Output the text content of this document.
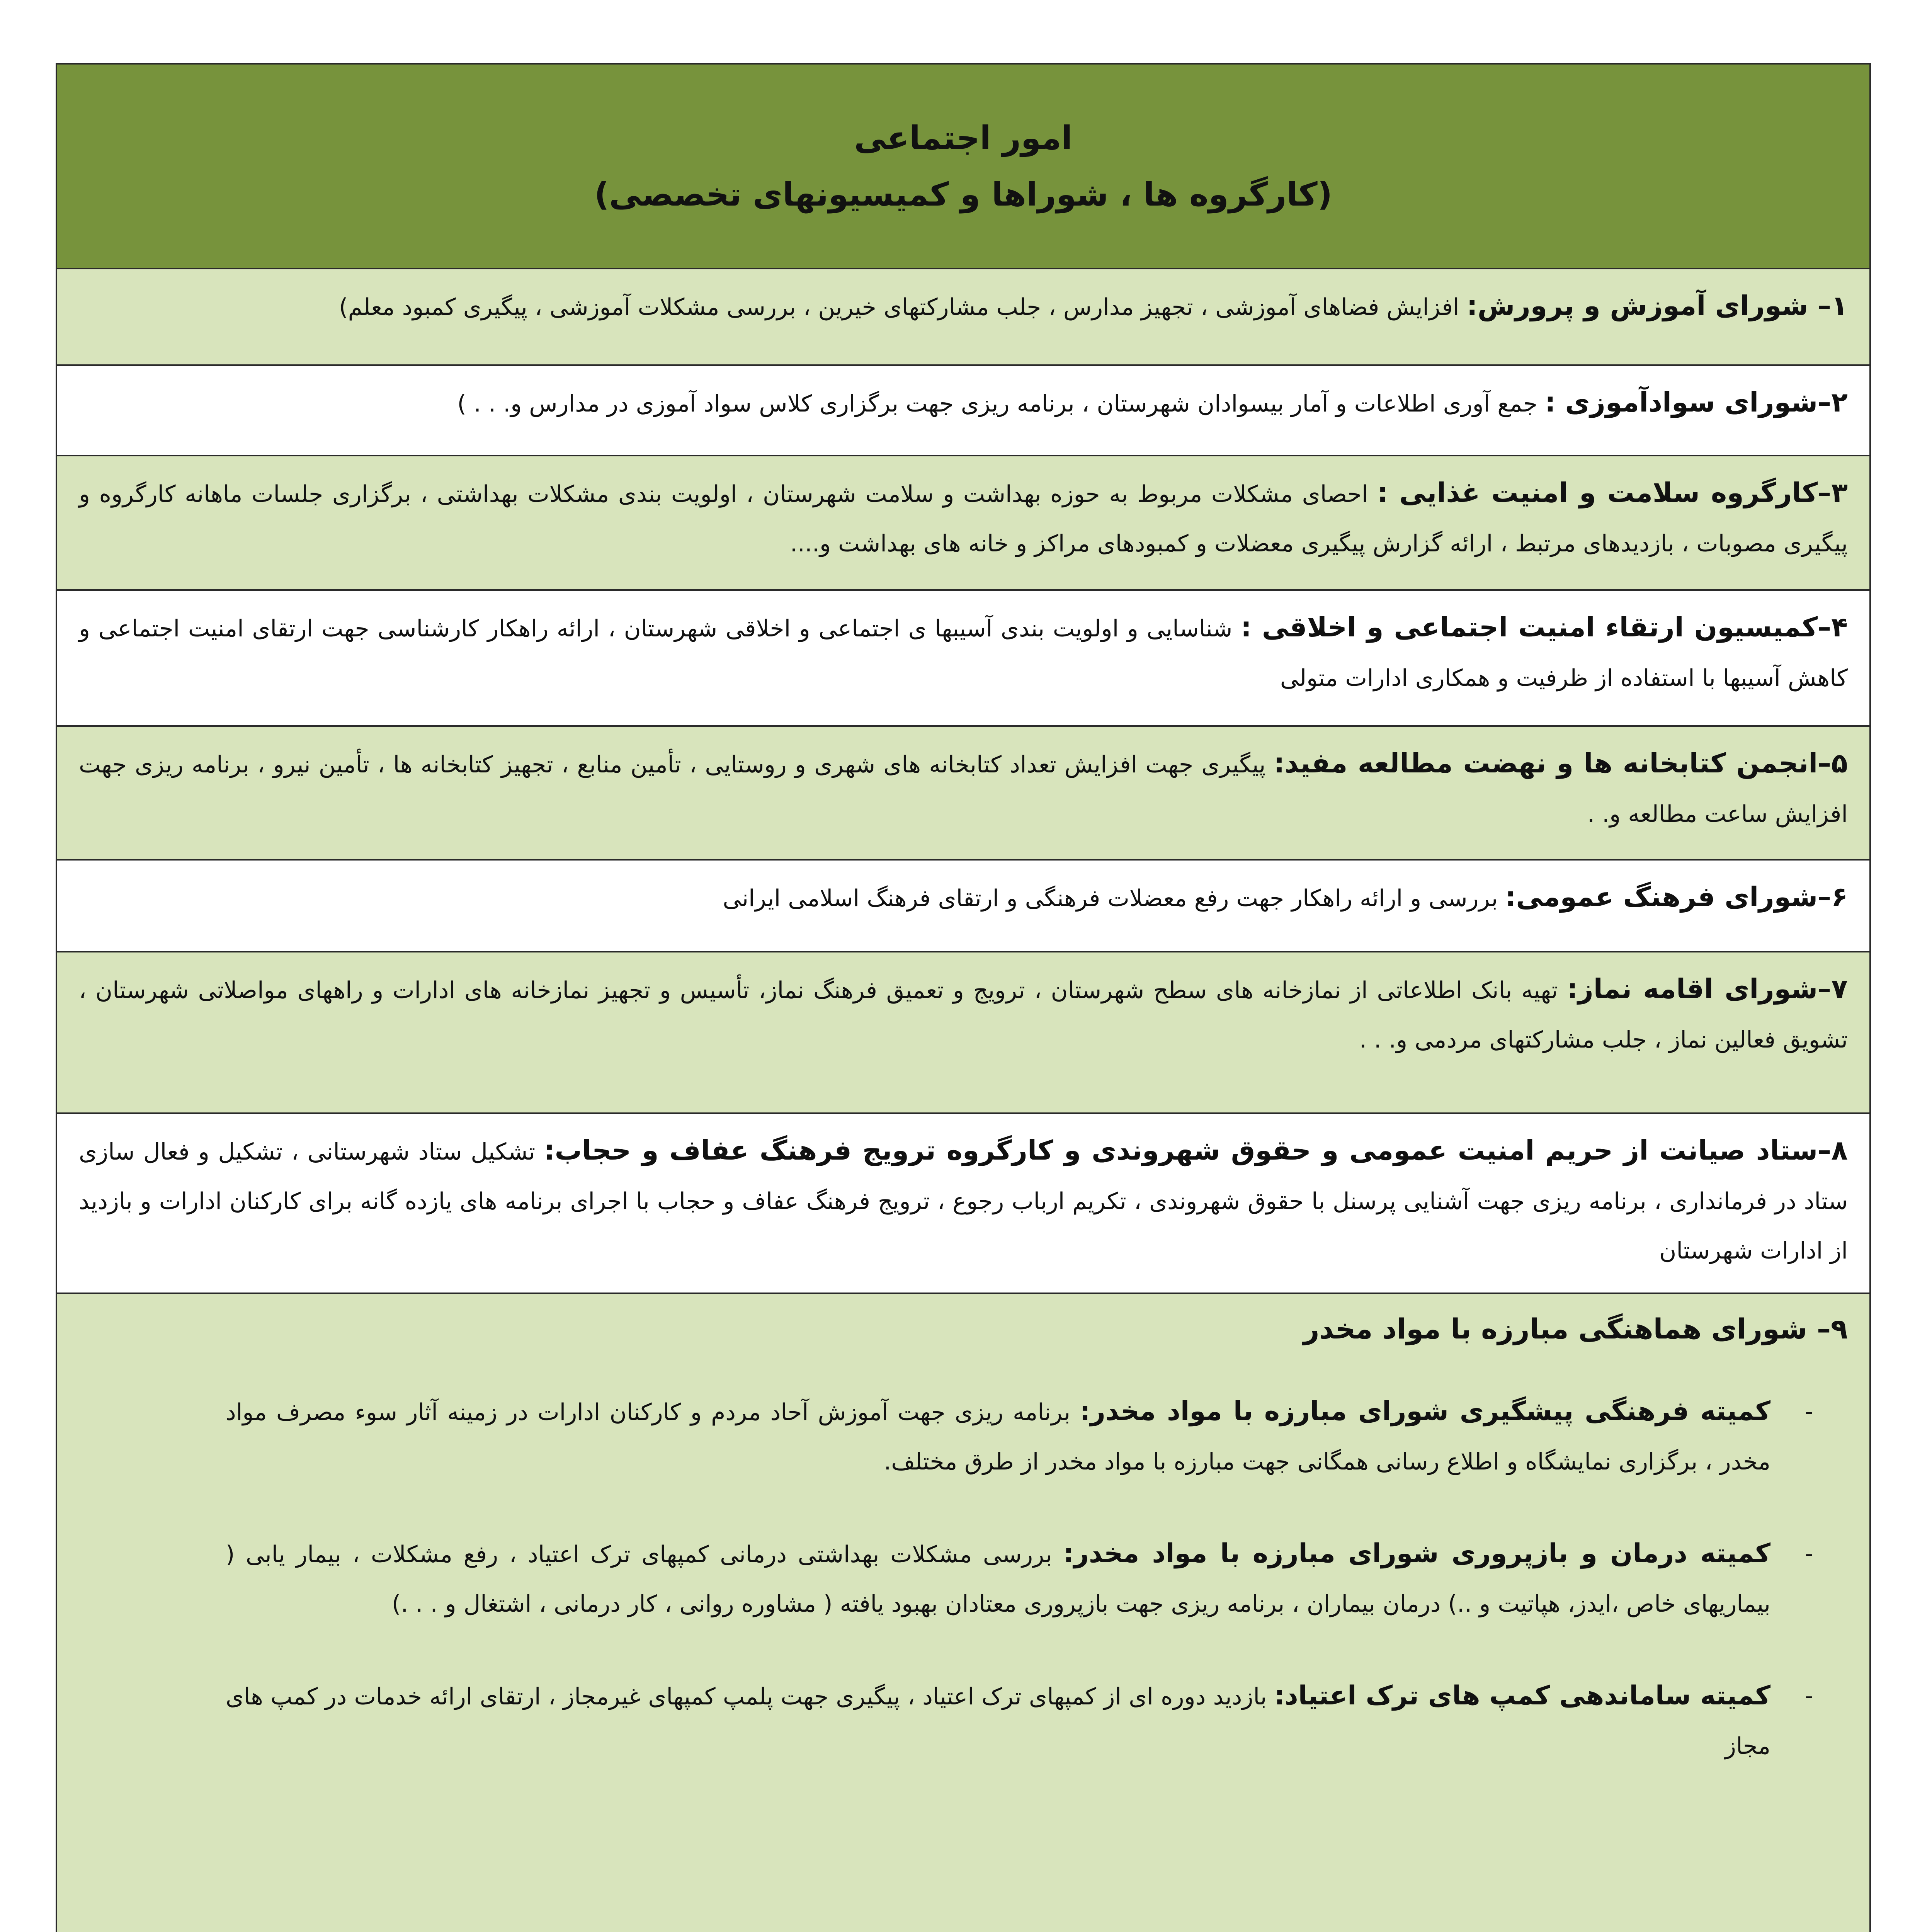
امور اجتماعی
(کارگروه ها ، شوراها و کمیسیونهای تخصصی)

۱– شورای آموزش و پرورش: افزایش فضاهای آموزشی ، تجهیز مدارس ، جلب مشارکتهای خیرین ، بررسی مشکلات آموزشی ، پیگیری کمبود معلم)

۲–شورای سوادآموزی : جمع آوری اطلاعات و آمار بیسوادان شهرستان ، برنامه ریزی جهت برگزاری کلاس سواد آموزی در مدارس و. . . )

۳–کارگروه سلامت و امنیت غذایی : احصای مشکلات مربوط به حوزه بهداشت و سلامت شهرستان ، اولویت بندی مشکلات بهداشتی ، برگزاری جلسات ماهانه کارگروه و پیگیری مصوبات ، بازدیدهای مرتبط ، ارائه گزارش پیگیری معضلات و کمبودهای مراکز و خانه های بهداشت و....

۴–کمیسیون ارتقاء امنیت اجتماعی و اخلاقی : شناسایی و اولویت بندی آسیبها ی اجتماعی و اخلاقی شهرستان ، ارائه راهکار کارشناسی جهت ارتقای امنیت اجتماعی و کاهش آسیبها با استفاده از ظرفیت و همکاری ادارات متولی

۵–انجمن کتابخانه ها و نهضت مطالعه مفید: پیگیری جهت افزایش تعداد کتابخانه های شهری و روستایی ، تأمین منابع ، تجهیز کتابخانه ها ، تأمین نیرو ، برنامه ریزی جهت افزایش ساعت مطالعه و. .

۶–شورای فرهنگ عمومی: بررسی و ارائه راهکار جهت رفع معضلات فرهنگی و ارتقای فرهنگ اسلامی ایرانی

۷–شورای اقامه نماز: تهیه بانک اطلاعاتی از نمازخانه های سطح شهرستان ، ترویج و تعمیق فرهنگ نماز، تأسیس و تجهیز نمازخانه های ادارات و راههای مواصلاتی شهرستان ، تشویق فعالین نماز ، جلب مشارکتهای مردمی و. . .

۸–ستاد صیانت از حریم امنیت عمومی و حقوق شهروندی و کارگروه ترویج فرهنگ عفاف و حجاب: تشکیل ستاد شهرستانی ، تشکیل و فعال سازی ستاد در فرمانداری ، برنامه ریزی جهت آشنایی پرسنل با حقوق شهروندی ، تکریم ارباب رجوع ، ترویج فرهنگ عفاف و حجاب با اجرای برنامه های یازده گانه برای کارکنان ادارات و بازدید از ادارات شهرستان

۹– شورای هماهنگی مبارزه با مواد مخدر

-
کمیته فرهنگی پیشگیری شورای مبارزه با مواد مخدر: برنامه ریزی جهت آموزش آحاد مردم و کارکنان ادارات در زمینه آثار سوء مصرف مواد مخدر ، برگزاری نمایشگاه و اطلاع رسانی همگانی جهت مبارزه با مواد مخدر از طرق مختلف.
-
کمیته درمان و بازپروری شورای مبارزه با مواد مخدر: بررسی مشکلات بهداشتی درمانی کمپهای ترک اعتیاد ، رفع مشکلات ، بیمار یابی ( بیماریهای خاص ،ایدز، هپاتیت و ..) درمان بیماران ، برنامه ریزی جهت بازپروری معتادان بهبود یافته ( مشاوره روانی ، کار درمانی ، اشتغال و . . .)
-
کمیته ساماندهی کمپ های ترک اعتیاد: بازدید دوره ای از کمپهای ترک اعتیاد ، پیگیری جهت پلمپ کمپهای غیرمجاز ، ارتقای ارائه خدمات در کمپ های مجاز
